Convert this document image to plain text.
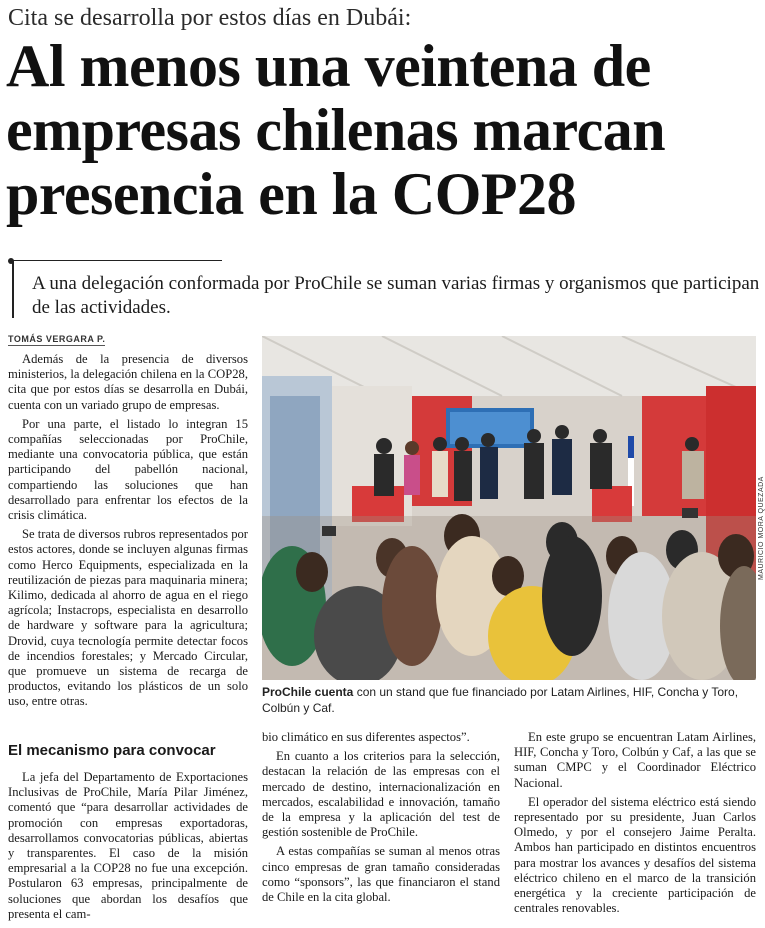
Cita se desarrolla por estos días en Dubái:
Al menos una veintena de
empresas chilenas marcan
presencia en la COP28
A una delegación conformada por ProChile se suman varias firmas y organismos que participan de las actividades.
TOMÁS VERGARA P.

Además de la presencia de diversos ministerios, la delegación chilena en la COP28, cita que por estos días se desarrolla en Dubái, cuenta con un variado grupo de empresas.

Por una parte, el listado lo integran 15 compañías seleccionadas por ProChile, mediante una convocatoria pública, que están participando del pabellón nacional, compartiendo las soluciones que han desarrollado para enfrentar los efectos de la crisis climática.

Se trata de diversos rubros representados por estos actores, donde se incluyen algunas firmas como Herco Equipments, especializada en la reutilización de piezas para maquinaria minera; Kilimo, dedicada al ahorro de agua en el riego agrícola; Instacrops, especialista en desarrollo de hardware y software para la agricultura; Drovid, cuya tecnología permite detectar focos de incendios forestales; y Mercado Circular, que promueve un sistema de recarga de productos, evitando los plásticos de un solo uso, entre otras.

El mecanismo para convocar

La jefa del Departamento de Exportaciones Inclusivas de ProChile, María Pilar Jiménez, comentó que “para desarrollar actividades de promoción con empresas exportadoras, desarrollamos convocatorias públicas, abiertas y transparentes. El caso de la misión empresarial a la COP28 no fue una excepción. Postularon 63 empresas, principalmente de soluciones que abordan los desafíos que presenta el cam-

bio climático en sus diferentes aspectos”.

En cuanto a los criterios para la selección, destacan la relación de las empresas con el mercado de destino, internacionalización en mercados, escalabilidad e innovación, tamaño de la empresa y la aplicación del test de gestión sostenible de ProChile.

A estas compañías se suman al menos otras cinco empresas de gran tamaño consideradas como “sponsors”, las que financiaron el stand de Chile en la cita global.

En este grupo se encuentran Latam Airlines, HIF, Concha y Toro, Colbún y Caf, a las que se suman CMPC y el Coordinador Eléctrico Nacional.

El operador del sistema eléctrico está siendo representado por su presidente, Juan Carlos Olmedo, y por el consejero Jaime Peralta. Ambos han participado en distintos encuentros para mostrar los avances y desafíos del sistema eléctrico chileno en el marco de la transición energética y la creciente participación de centrales renovables.

MAURICIO MORA QUEZADA
ProChile cuenta con un stand que fue financiado por Latam Airlines, HIF, Concha y Toro, Colbún y Caf.
